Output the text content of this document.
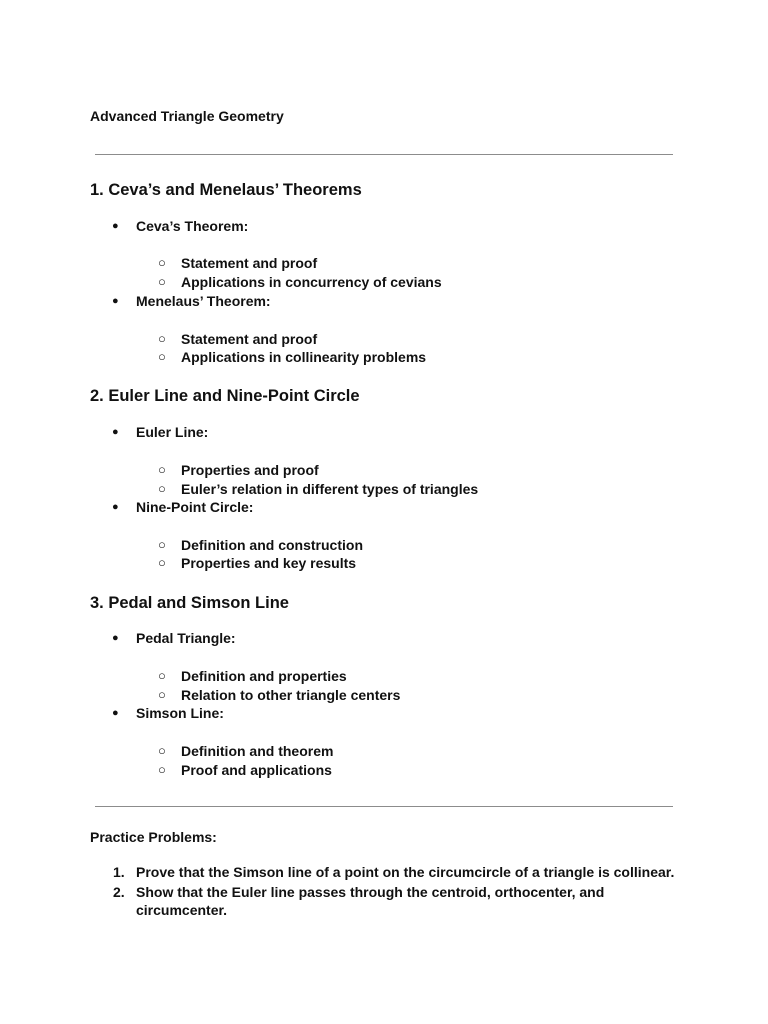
Advanced Triangle Geometry
1. Ceva’s and Menelaus’ Theorems
● Ceva’s Theorem:
○ Statement and proof
○ Applications in concurrency of cevians
● Menelaus’ Theorem:
○ Statement and proof
○ Applications in collinearity problems
2. Euler Line and Nine-Point Circle
● Euler Line:
○ Properties and proof
○ Euler’s relation in different types of triangles
● Nine-Point Circle:
○ Definition and construction
○ Properties and key results
3. Pedal and Simson Line
● Pedal Triangle:
○ Definition and properties
○ Relation to other triangle centers
● Simson Line:
○ Definition and theorem
○ Proof and applications
Practice Problems:
1. Prove that the Simson line of a point on the circumcircle of a triangle is collinear.
2. Show that the Euler line passes through the centroid, orthocenter, and circumcenter.
